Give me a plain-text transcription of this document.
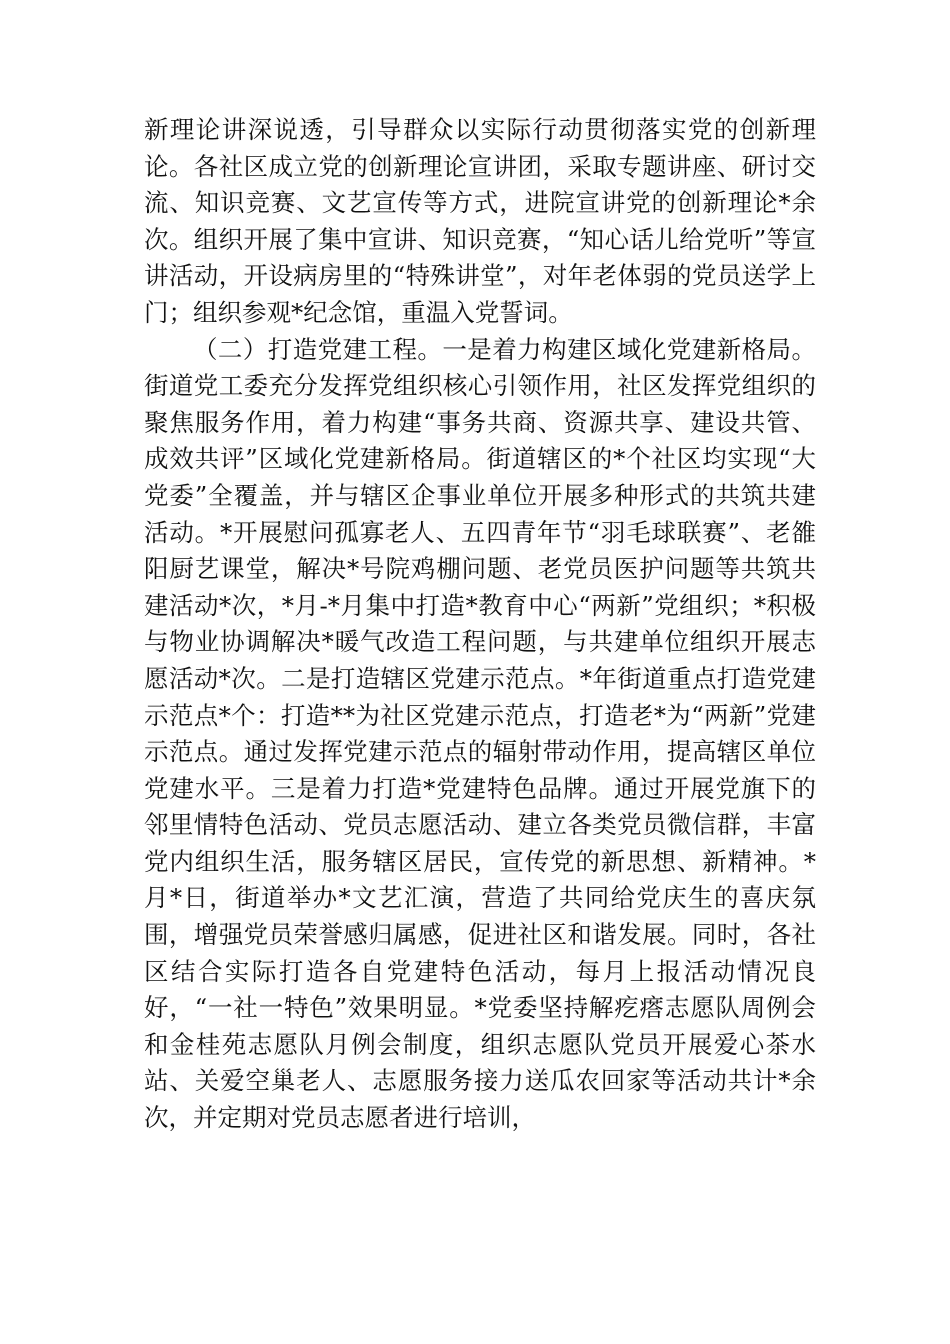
新理论讲深说透，引导群众以实际行动贯彻落实党的创新理论。各社区成立党的创新理论宣讲团，采取专题讲座、研讨交流、知识竞赛、文艺宣传等方式，进院宣讲党的创新理论*余次。组织开展了集中宣讲、知识竞赛，“知心话儿给党听”等宣讲活动，开设病房里的“特殊讲堂”，对年老体弱的党员送学上门；组织参观*纪念馆，重温入党誓词。

（二）打造党建工程。一是着力构建区域化党建新格局。街道党工委充分发挥党组织核心引领作用，社区发挥党组织的聚焦服务作用，着力构建“事务共商、资源共享、建设共管、成效共评”区域化党建新格局。街道辖区的*个社区均实现“大党委”全覆盖，并与辖区企事业单位开展多种形式的共筑共建活动。*开展慰问孤寡老人、五四青年节“羽毛球联赛”、老雒阳厨艺课堂，解决*号院鸡棚问题、老党员医护问题等共筑共建活动*次，*月-*月集中打造*教育中心“两新”党组织；*积极与物业协调解决*暖气改造工程问题，与共建单位组织开展志愿活动*次。二是打造辖区党建示范点。*年街道重点打造党建示范点*个：打造**为社区党建示范点，打造老*为“两新”党建示范点。通过发挥党建示范点的辐射带动作用，提高辖区单位党建水平。三是着力打造*党建特色品牌。通过开展党旗下的邻里情特色活动、党员志愿活动、建立各类党员微信群，丰富党内组织生活，服务辖区居民，宣传党的新思想、新精神。*月*日，街道举办*文艺汇演，营造了共同给党庆生的喜庆氛围，增强党员荣誉感归属感，促进社区和谐发展。同时，各社区结合实际打造各自党建特色活动，每月上报活动情况良好，“一社一特色”效果明显。*党委坚持解疙瘩志愿队周例会和金桂苑志愿队月例会制度，组织志愿队党员开展爱心茶水站、关爱空巢老人、志愿服务接力送瓜农回家等活动共计*余次，并定期对党员志愿者进行培训，
